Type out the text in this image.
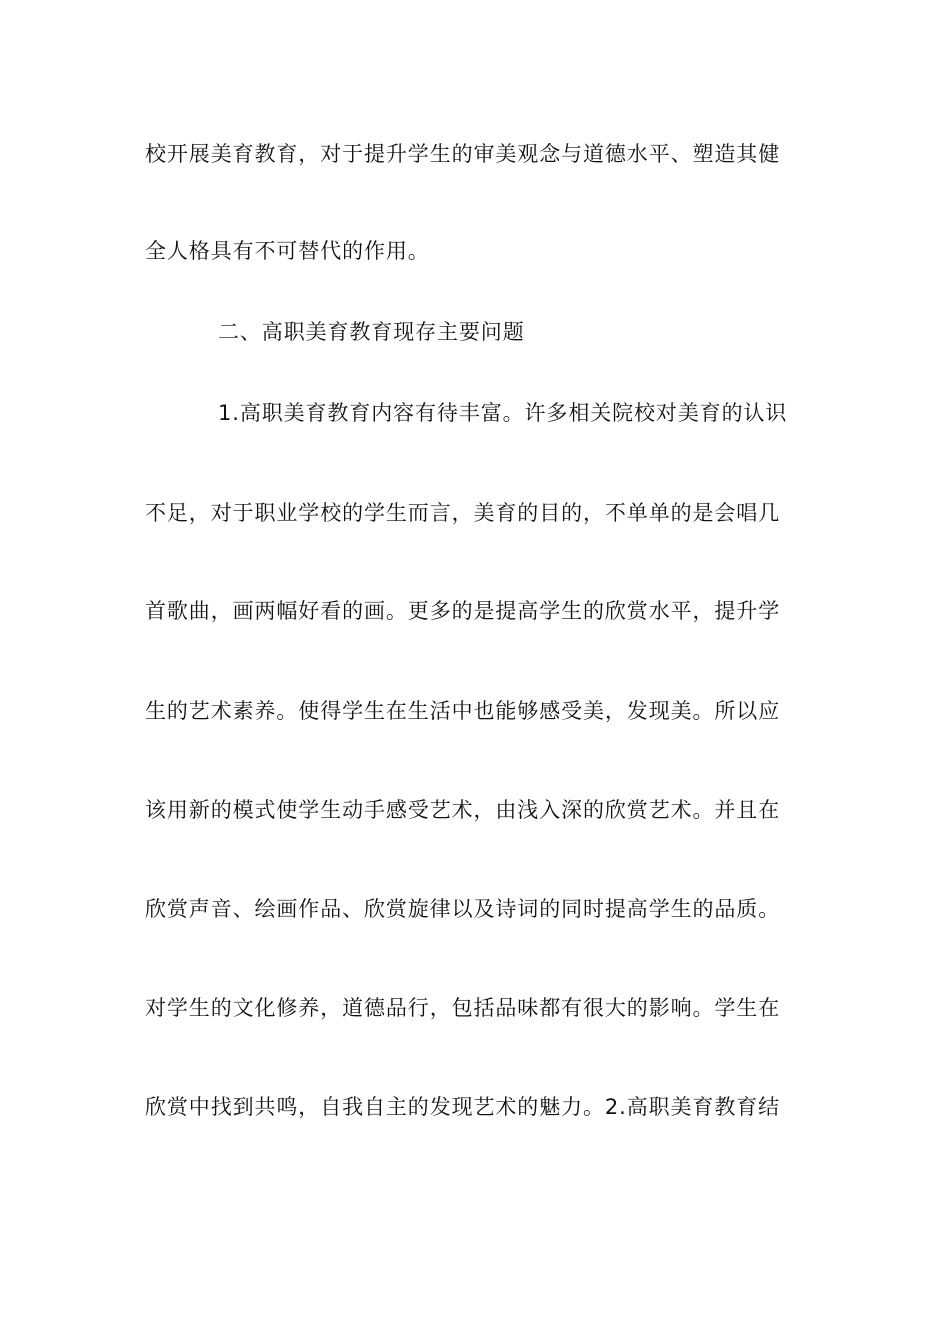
校开展美育教育，对于提升学生的审美观念与道德水平、塑造其健
全人格具有不可替代的作用。
二、高职美育教育现存主要问题
1.高职美育教育内容有待丰富。许多相关院校对美育的认识
不足，对于职业学校的学生而言，美育的目的，不单单的是会唱几
首歌曲，画两幅好看的画。更多的是提高学生的欣赏水平，提升学
生的艺术素养。使得学生在生活中也能够感受美，发现美。所以应
该用新的模式使学生动手感受艺术，由浅入深的欣赏艺术。并且在
欣赏声音、绘画作品、欣赏旋律以及诗词的同时提高学生的品质。
对学生的文化修养，道德品行，包括品味都有很大的影响。学生在
欣赏中找到共鸣，自我自主的发现艺术的魅力。2.高职美育教育结
